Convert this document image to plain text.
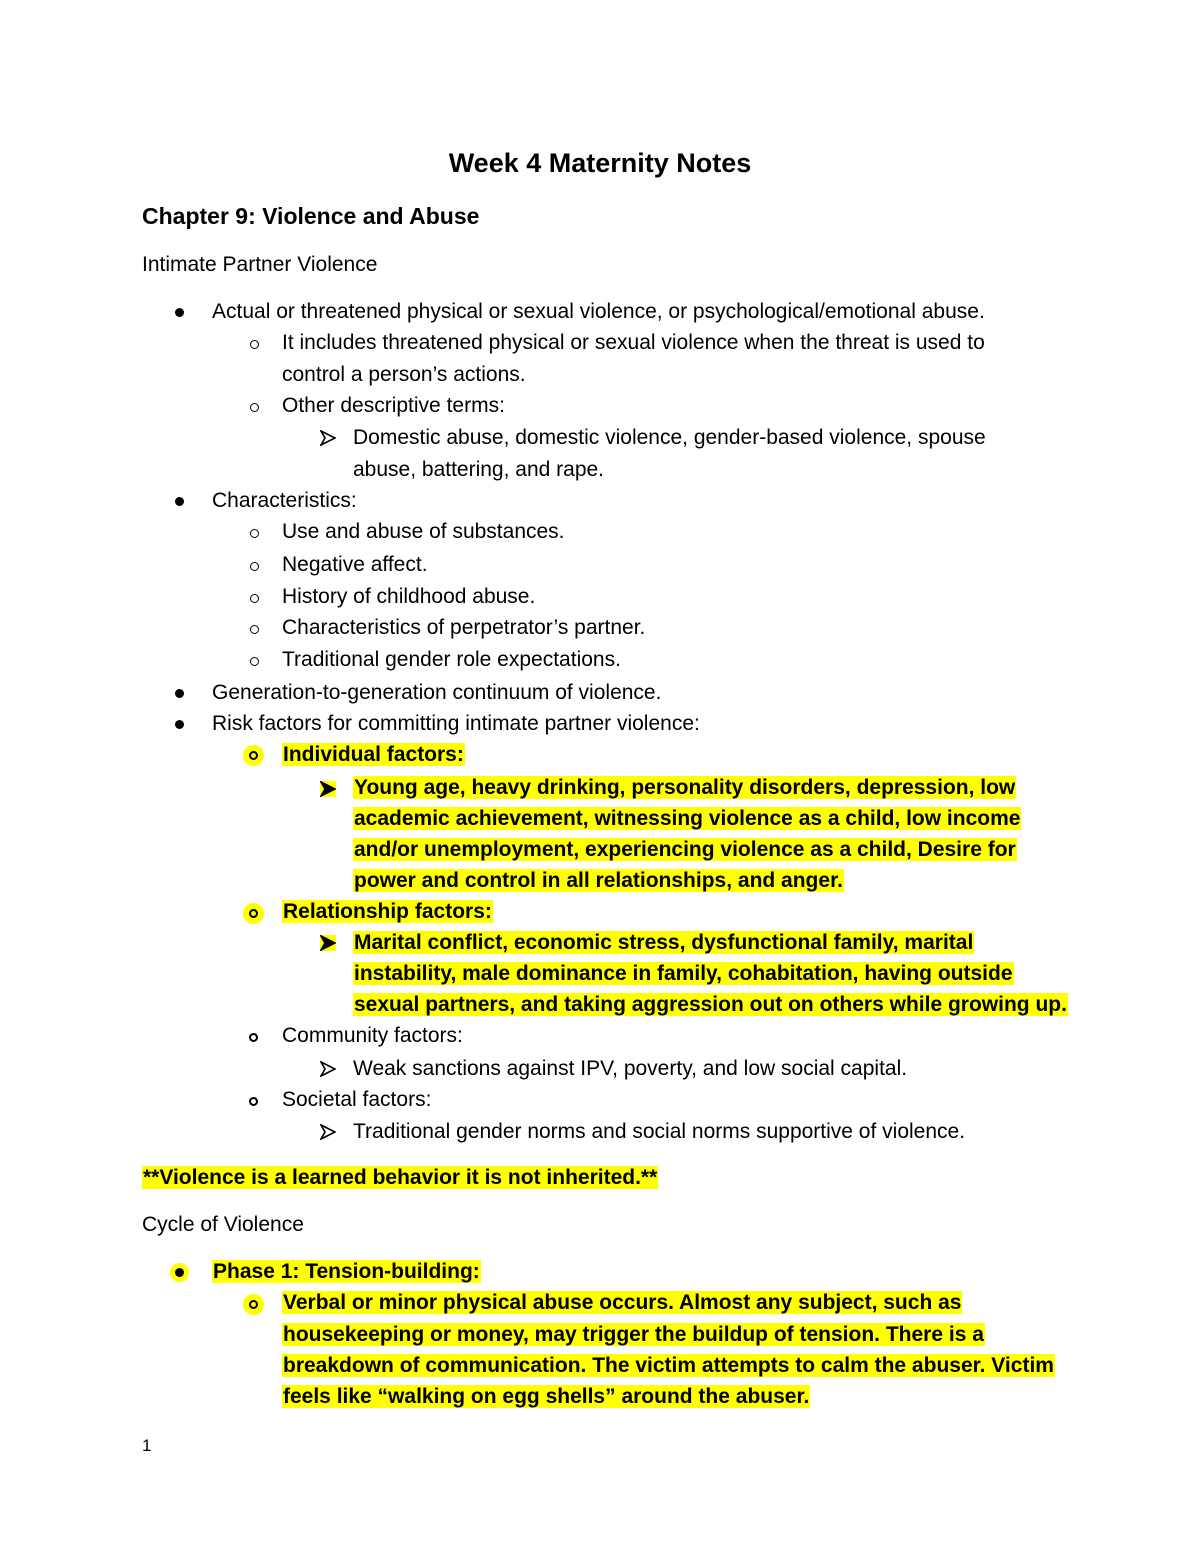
Week 4 Maternity Notes
Chapter 9: Violence and Abuse
Intimate Partner Violence
Actual or threatened physical or sexual violence, or psychological/emotional abuse.
It includes threatened physical or sexual violence when the threat is used to
control a person’s actions.
Other descriptive terms:
Domestic abuse, domestic violence, gender-based violence, spouse
abuse, battering, and rape.
Characteristics:
Use and abuse of substances.
Negative affect.
History of childhood abuse.
Characteristics of perpetrator’s partner.
Traditional gender role expectations.
Generation-to-generation continuum of violence.
Risk factors for committing intimate partner violence:
Individual factors:
Young age, heavy drinking, personality disorders, depression, low
academic achievement, witnessing violence as a child, low income
and/or unemployment, experiencing violence as a child, Desire for
power and control in all relationships, and anger.
Relationship factors:
Marital conflict, economic stress, dysfunctional family, marital
instability, male dominance in family, cohabitation, having outside
sexual partners, and taking aggression out on others while growing up.
Community factors:
Weak sanctions against IPV, poverty, and low social capital.
Societal factors:
Traditional gender norms and social norms supportive of violence.
**Violence is a learned behavior it is not inherited.**
Cycle of Violence
Phase 1: Tension-building:
Verbal or minor physical abuse occurs. Almost any subject, such as
housekeeping or money, may trigger the buildup of tension. There is a
breakdown of communication. The victim attempts to calm the abuser. Victim
feels like “walking on egg shells” around the abuser.
1
